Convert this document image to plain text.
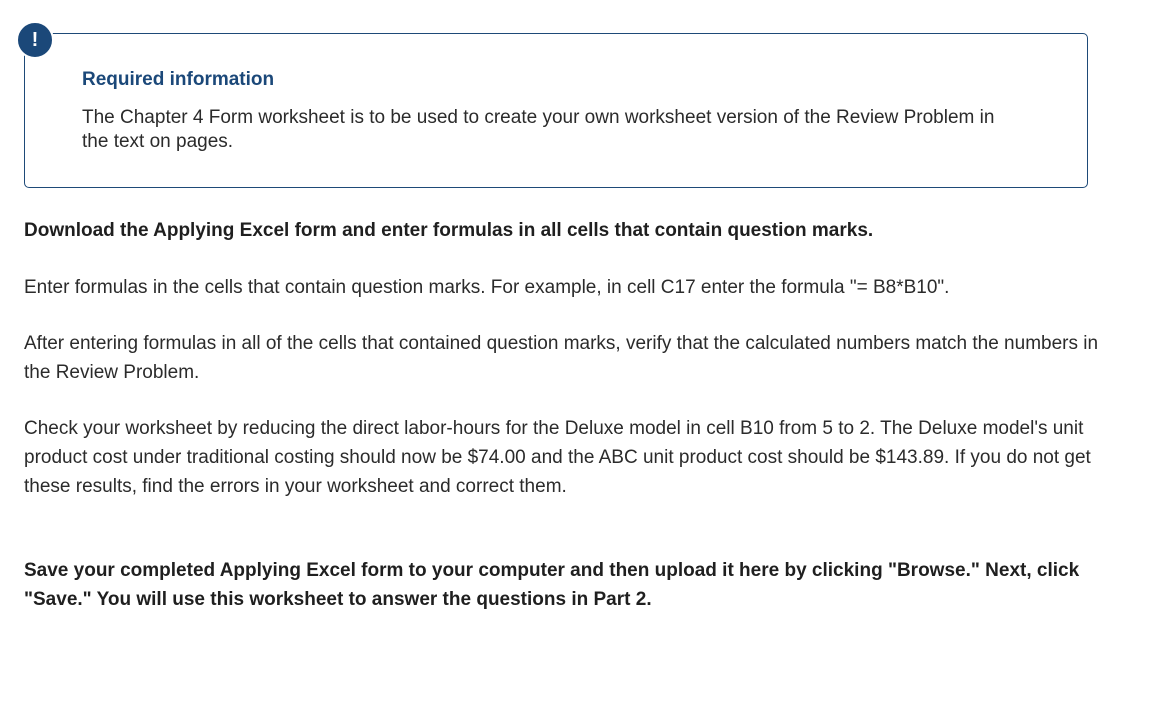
Required information
The Chapter 4 Form worksheet is to be used to create your own worksheet version of the Review Problem in the text on pages.
!

Download the Applying Excel form and enter formulas in all cells that contain question marks.

Enter formulas in the cells that contain question marks. For example, in cell C17 enter the formula "= B8*B10".

After entering formulas in all of the cells that contained question marks, verify that the calculated numbers match the numbers in the Review Problem.

Check your worksheet by reducing the direct labor-hours for the Deluxe model in cell B10 from 5 to 2. The Deluxe model's unit product cost under traditional costing should now be $74.00 and the ABC unit product cost should be $143.89. If you do not get these results, find the errors in your worksheet and correct them.

Save your completed Applying Excel form to your computer and then upload it here by clicking "Browse." Next, click "Save." You will use this worksheet to answer the questions in Part 2.
